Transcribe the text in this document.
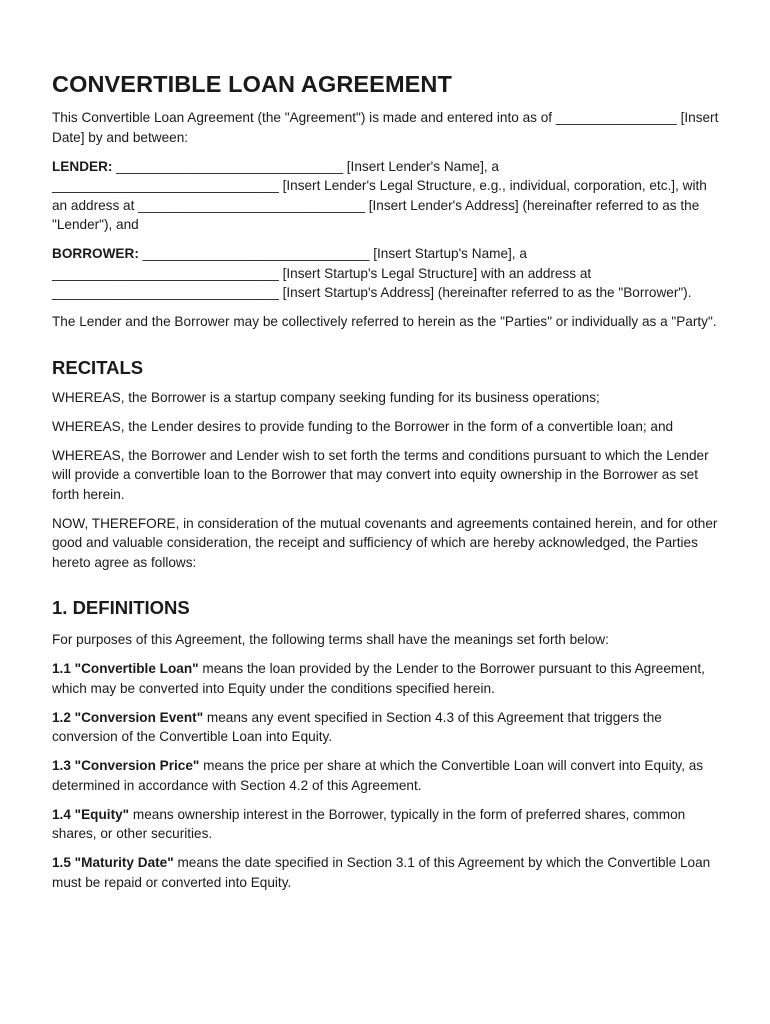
CONVERTIBLE LOAN AGREEMENT

This Convertible Loan Agreement (the "Agreement") is made and entered into as of ________________ [Insert Date] by and between:

LENDER: ______________________________ [Insert Lender's Name], a ______________________________ [Insert Lender's Legal Structure, e.g., individual, corporation, etc.], with an address at ______________________________ [Insert Lender's Address] (hereinafter referred to as the "Lender"), and

BORROWER: ______________________________ [Insert Startup's Name], a ______________________________ [Insert Startup's Legal Structure] with an address at ______________________________ [Insert Startup's Address] (hereinafter referred to as the "Borrower").

The Lender and the Borrower may be collectively referred to herein as the "Parties" or individually as a "Party".

RECITALS

WHEREAS, the Borrower is a startup company seeking funding for its business operations;

WHEREAS, the Lender desires to provide funding to the Borrower in the form of a convertible loan; and

WHEREAS, the Borrower and Lender wish to set forth the terms and conditions pursuant to which the Lender will provide a convertible loan to the Borrower that may convert into equity ownership in the Borrower as set forth herein.

NOW, THEREFORE, in consideration of the mutual covenants and agreements contained herein, and for other good and valuable consideration, the receipt and sufficiency of which are hereby acknowledged, the Parties hereto agree as follows:

1. DEFINITIONS

For purposes of this Agreement, the following terms shall have the meanings set forth below:

1.1 "Convertible Loan" means the loan provided by the Lender to the Borrower pursuant to this Agreement, which may be converted into Equity under the conditions specified herein.

1.2 "Conversion Event" means any event specified in Section 4.3 of this Agreement that triggers the conversion of the Convertible Loan into Equity.

1.3 "Conversion Price" means the price per share at which the Convertible Loan will convert into Equity, as determined in accordance with Section 4.2 of this Agreement.

1.4 "Equity" means ownership interest in the Borrower, typically in the form of preferred shares, common shares, or other securities.

1.5 "Maturity Date" means the date specified in Section 3.1 of this Agreement by which the Convertible Loan must be repaid or converted into Equity.
